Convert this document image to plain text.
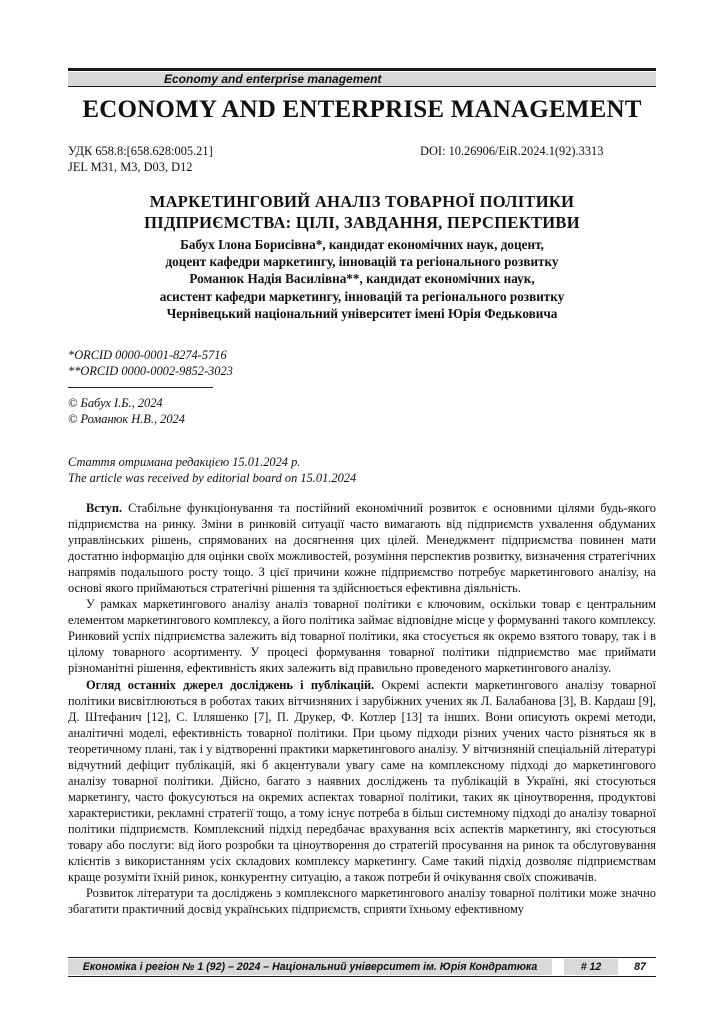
Economy and enterprise management
ECONOMY AND ENTERPRISE MANAGEMENT
УДК 658.8:[658.628:005.21]
JEL M31, M3, D03, D12
DOI: 10.26906/EiR.2024.1(92).3313
МАРКЕТИНГОВИЙ АНАЛІЗ ТОВАРНОЇ ПОЛІТИКИ
ПІДПРИЄМСТВА: ЦІЛІ, ЗАВДАННЯ, ПЕРСПЕКТИВИ
Бабух Ілона Борисівна*, кандидат економічних наук, доцент,
доцент кафедри маркетингу, інновацій та регіонального розвитку
Романюк Надія Василівна**, кандидат економічних наук,
асистент кафедри маркетингу, інновацій та регіонального розвитку
Чернівецький національний університет імені Юрія Федьковича
*ORCID 0000-0001-8274-5716
**ORCID 0000-0002-9852-3023
© Бабух І.Б., 2024
© Романюк Н.В., 2024
Стаття отримана редакцією 15.01.2024 р.
The article was received by editorial board on 15.01.2024

Вступ. Стабільне функціонування та постійний економічний розвиток є основними цілями будь-якого підприємства на ринку. Зміни в ринковій ситуації часто вимагають від підприємств ухвалення обдуманих управлінських рішень, спрямованих на досягнення цих цілей. Менеджмент підприємства повинен мати достатню інформацію для оцінки своїх можливостей, розуміння перспектив розвитку, визначення стратегічних напрямів подальшого росту тощо. З цієї причини кожне підприємство потребує маркетингового аналізу, на основі якого приймаються стратегічні рішення та здійснюється ефективна діяльність.

У рамках маркетингового аналізу аналіз товарної політики є ключовим, оскільки товар є центральним елементом маркетингового комплексу, а його політика займає відповідне місце у формуванні такого комплексу. Ринковий успіх підприємства залежить від товарної політики, яка стосується як окремо взятого товару, так і в цілому товарного асортименту. У процесі формування товарної політики підприємство має приймати різноманітні рішення, ефективність яких залежить від правильно проведеного маркетингового аналізу.

Огляд останніх джерел досліджень і публікацій. Окремі аспекти маркетингового аналізу товарної політики висвітлюються в роботах таких вітчизняних і зарубіжних учених як Л. Балабанова [3], В. Кардаш [9], Д. Штефанич [12], С. Ілляшенко [7], П. Друкер, Ф. Котлер [13] та інших. Вони описують окремі методи, аналітичні моделі, ефективність товарної політики. При цьому підходи різних учених часто різняться як в теоретичному плані, так і у відтворенні практики маркетингового аналізу. У вітчизняній спеціальній літературі відчутний дефіцит публікацій, які б акцентували увагу саме на комплексному підході до маркетингового аналізу товарної політики. Дійсно, багато з наявних досліджень та публікацій в Україні, які стосуються маркетингу, часто фокусуються на окремих аспектах товарної політики, таких як ціноутворення, продуктові характеристики, рекламні стратегії тощо, а тому існує потреба в більш системному підході до аналізу товарної політики підприємств. Комплексний підхід передбачає врахування всіх аспектів маркетингу, які стосуються товару або послуги: від його розробки та ціноутворення до стратегій просування на ринок та обслуговування клієнтів з використанням усіх складових комплексу маркетингу. Саме такий підхід дозволяє підприємствам краще розуміти їхній ринок, конкурентну ситуацію, а також потреби й очікування своїх споживачів.

Розвиток літератури та досліджень з комплексного маркетингового аналізу товарної політики може значно збагатити практичний досвід українських підприємств, сприяти їхньому ефективному

Економіка і регіон № 1 (92) – 2024 – Національний університет ім. Юрія Кондратюка	# 12	87
